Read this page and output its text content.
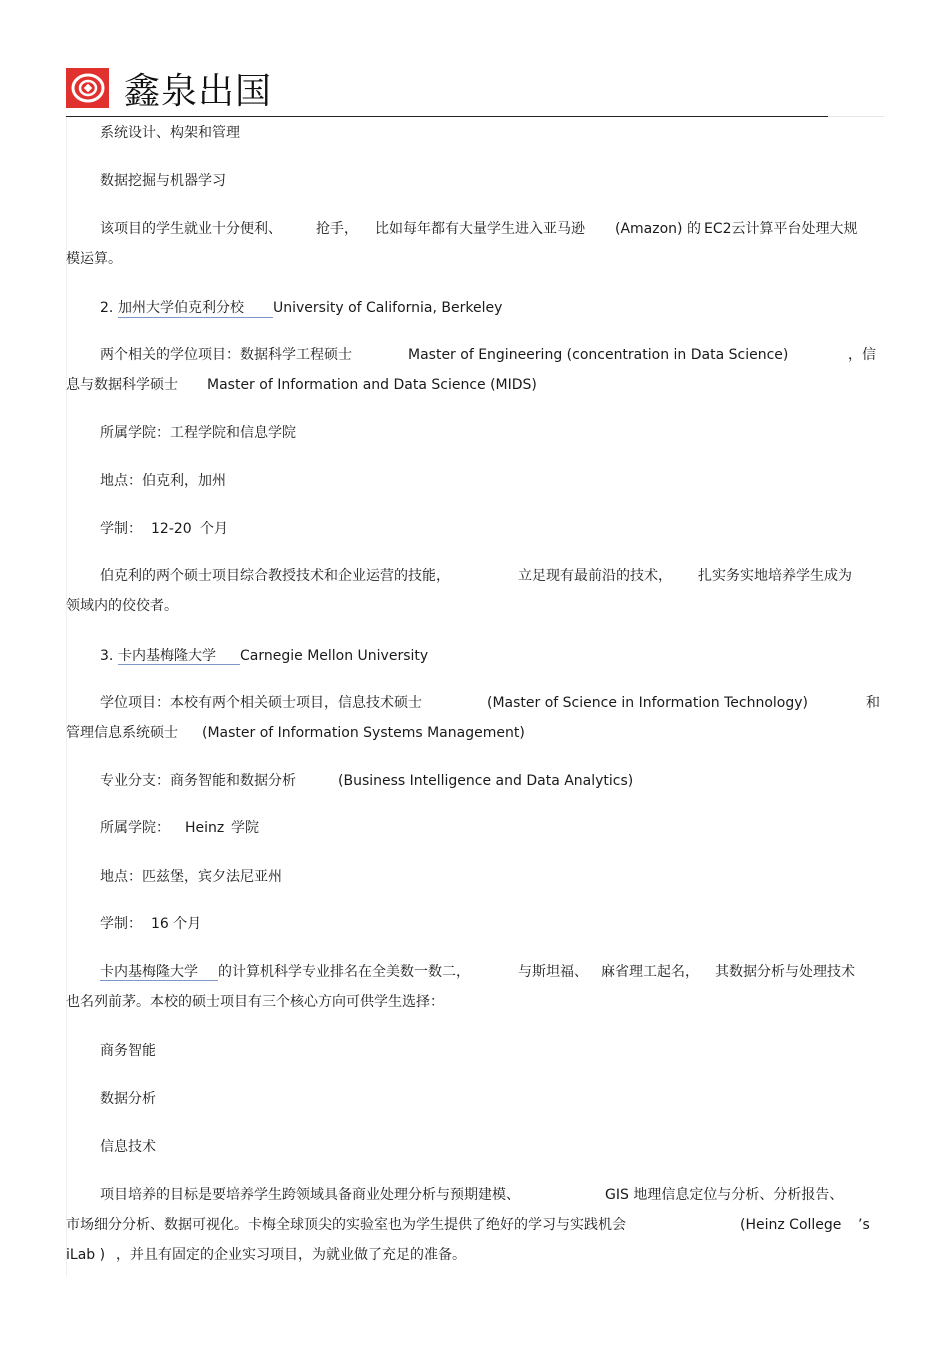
鑫泉出国
系统设计、构架和管理
数据挖掘与机器学习
该项目的学生就业十分便利、 抢手， 比如每年都有大量学生进入亚马逊 (Amazon) 的 EC2云计算平台处理大规
模运算。
2. 加州大学伯克利分校 University of California, Berkeley
两个相关的学位项目：数据科学工程硕士	Master of Engineering (concentration in Data Science)	，信
息与数据科学硕士 Master of Information and Data Science (MIDS)
所属学院：工程学院和信息学院
地点：伯克利，加州
学制： 12-20 个月
伯克利的两个硕士项目综合教授技术和企业运营的技能，	立足现有最前沿的技术， 扎实务实地培养学生成为
领域内的佼佼者。
3. 卡内基梅隆大学 Carnegie Mellon University
学位项目：本校有两个相关硕士项目，信息技术硕士	(Master of Science in Information Technology)	和
管理信息系统硕士 (Master of Information Systems Management)
专业分支：商务智能和数据分析	(Business Intelligence and Data Analytics)
所属学院： Heinz 学院
地点：匹兹堡，宾夕法尼亚州
学制： 16 个月
卡内基梅隆大学 的计算机科学专业排名在全美数一数二，	与斯坦福、 麻省理工起名， 其数据分析与处理技术
也名列前茅。本校的硕士项目有三个核心方向可供学生选择：
商务智能
数据分析
信息技术
项目培养的目标是要培养学生跨领域具备商业处理分析与预期建模、	GIS 地理信息定位与分析、分析报告、
市场细分分析、数据可视化。卡梅全球顶尖的实验室也为学生提供了绝好的学习与实践机会	(Heinz College ’s
iLab ) ，并且有固定的企业实习项目，为就业做了充足的准备。
